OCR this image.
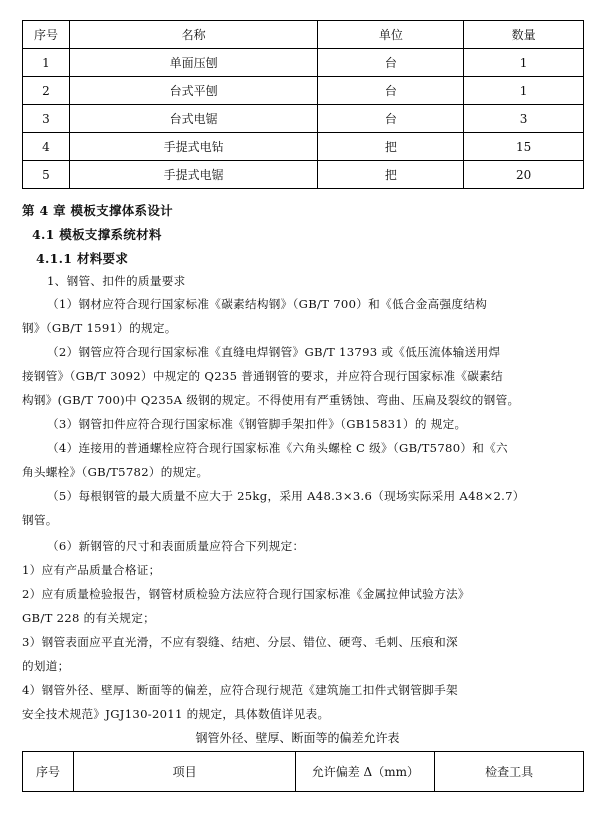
序号	名称	单位	数量
1	单面压刨	台	1
2	台式平刨	台	1
3	台式电锯	台	3
4	手提式电钻	把	15
5	手提式电锯	把	20
第 4 章 模板支撑体系设计
4.1 模板支撑系统材料
4.1.1 材料要求
1、钢管、扣件的质量要求
（1）钢材应符合现行国家标准《碳素结构钢》（GB/T 700）和《低合金高强度结构
钢》（GB/T 1591）的规定。
（2）钢管应符合现行国家标准《直缝电焊钢管》GB/T 13793 或《低压流体输送用焊
接钢管》（GB/T 3092）中规定的 Q235 普通钢管的要求，并应符合现行国家标准《碳素结
构钢》(GB/T 700)中 Q235A 级钢的规定。不得使用有严重锈蚀、弯曲、压扁及裂纹的钢管。
（3）钢管扣件应符合现行国家标准《钢管脚手架扣件》（GB15831）的 规定。
（4）连接用的普通螺栓应符合现行国家标准《六角头螺栓 C 级》（GB/T5780）和《六
角头螺栓》（GB/T5782）的规定。
（5）每根钢管的最大质量不应大于 25kg，采用 A48.3×3.6（现场实际采用 A48×2.7）
钢管。
（6）新钢管的尺寸和表面质量应符合下列规定：
1）应有产品质量合格证；
2）应有质量检验报告，钢管材质检验方法应符合现行国家标准《金属拉伸试验方法》
GB/T 228 的有关规定；
3）钢管表面应平直光滑，不应有裂缝、结疤、分层、错位、硬弯、毛刺、压痕和深
的划道；
4）钢管外径、壁厚、断面等的偏差，应符合现行规范《建筑施工扣件式钢管脚手架
安全技术规范》JGJ130-2011 的规定，具体数值详见表。
钢管外径、壁厚、断面等的偏差允许表
序号	项目	允许偏差 Δ（mm）	检查工具
